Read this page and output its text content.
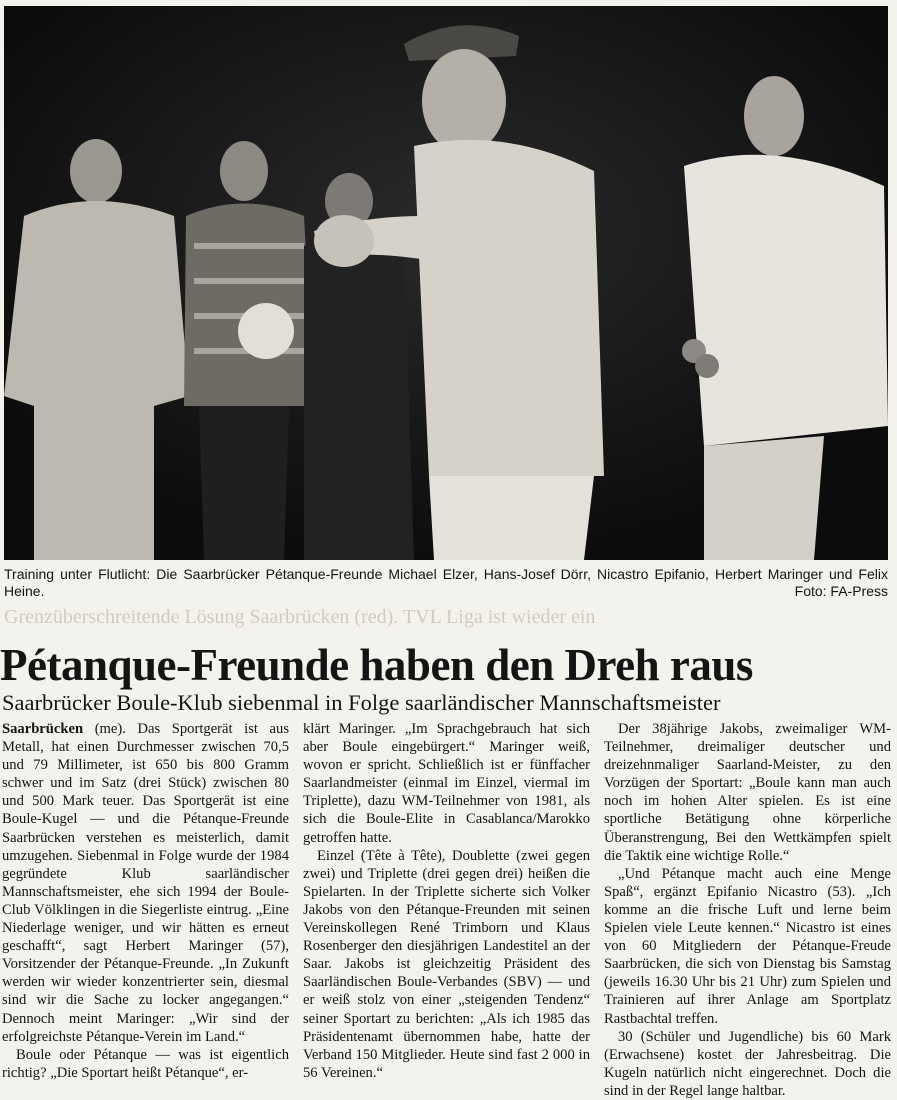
Training unter Flutlicht: Die Saarbrücker Pétanque-Freunde Michael Elzer, Hans-Josef Dörr, Nicastro Epifanio, Herbert Maringer und Felix Heine.	Foto: FA-Press
Grenzüberschreitende Lösung Saarbrücken (red). TVL Liga ist wieder ein
Pétanque-Freunde haben den Dreh raus
Saarbrücker Boule-Klub siebenmal in Folge saarländischer Mannschaftsmeister

Saarbrücken (me). Das Sportgerät ist aus Metall, hat einen Durchmesser zwischen 70,5 und 79 Millimeter, ist 650 bis 800 Gramm schwer und im Satz (drei Stück) zwischen 80 und 500 Mark teuer. Das Sportgerät ist eine Boule-Kugel — und die Pétanque-Freunde Saarbrücken verstehen es meisterlich, damit umzugehen. Siebenmal in Folge wurde der 1984 gegründete Klub saarländischer Mannschaftsmeister, ehe sich 1994 der Boule-Club Völklingen in die Siegerliste eintrug. „Eine Niederlage weniger, und wir hätten es erneut geschafft“, sagt Herbert Maringer (57), Vorsitzender der Pétanque-Freunde. „In Zukunft werden wir wieder konzentrierter sein, diesmal sind wir die Sache zu locker angegangen.“ Dennoch meint Maringer: „Wir sind der erfolgreichste Pétanque-Verein im Land.“

Boule oder Pétanque — was ist eigentlich richtig? „Die Sportart heißt Pétanque“, er-

klärt Maringer. „Im Sprachgebrauch hat sich aber Boule eingebürgert.“ Maringer weiß, wovon er spricht. Schließlich ist er fünffacher Saarlandmeister (einmal im Einzel, viermal im Triplette), dazu WM-Teilnehmer von 1981, als sich die Boule-Elite in Casablanca/Marokko getroffen hatte.

Einzel (Tête à Tête), Doublette (zwei gegen zwei) und Triplette (drei gegen drei) heißen die Spielarten. In der Triplette sicherte sich Volker Jakobs von den Pétanque-Freunden mit seinen Vereinskollegen René Trimborn und Klaus Rosenberger den diesjährigen Landestitel an der Saar. Jakobs ist gleichzeitig Präsident des Saarländischen Boule-Verbandes (SBV) — und er weiß stolz von einer „steigenden Tendenz“ seiner Sportart zu berichten: „Als ich 1985 das Präsidentenamt übernommen habe, hatte der Verband 150 Mitglieder. Heute sind fast 2 000 in 56 Vereinen.“

Der 38jährige Jakobs, zweimaliger WM-Teilnehmer, dreimaliger deutscher und dreizehnmaliger Saarland-Meister, zu den Vorzügen der Sportart: „Boule kann man auch noch im hohen Alter spielen. Es ist eine sportliche Betätigung ohne körperliche Überanstrengung, Bei den Wettkämpfen spielt die Taktik eine wichtige Rolle.“

„Und Pétanque macht auch eine Menge Spaß“, ergänzt Epifanio Nicastro (53). „Ich komme an die frische Luft und lerne beim Spielen viele Leute kennen.“ Nicastro ist eines von 60 Mitgliedern der Pétanque-Freude Saarbrücken, die sich von Dienstag bis Samstag (jeweils 16.30 Uhr bis 21 Uhr) zum Spielen und Trainieren auf ihrer Anlage am Sportplatz Rastbachtal treffen.

30 (Schüler und Jugendliche) bis 60 Mark (Erwachsene) kostet der Jahresbeitrag. Die Kugeln natürlich nicht eingerechnet. Doch die sind in der Regel lange haltbar.
